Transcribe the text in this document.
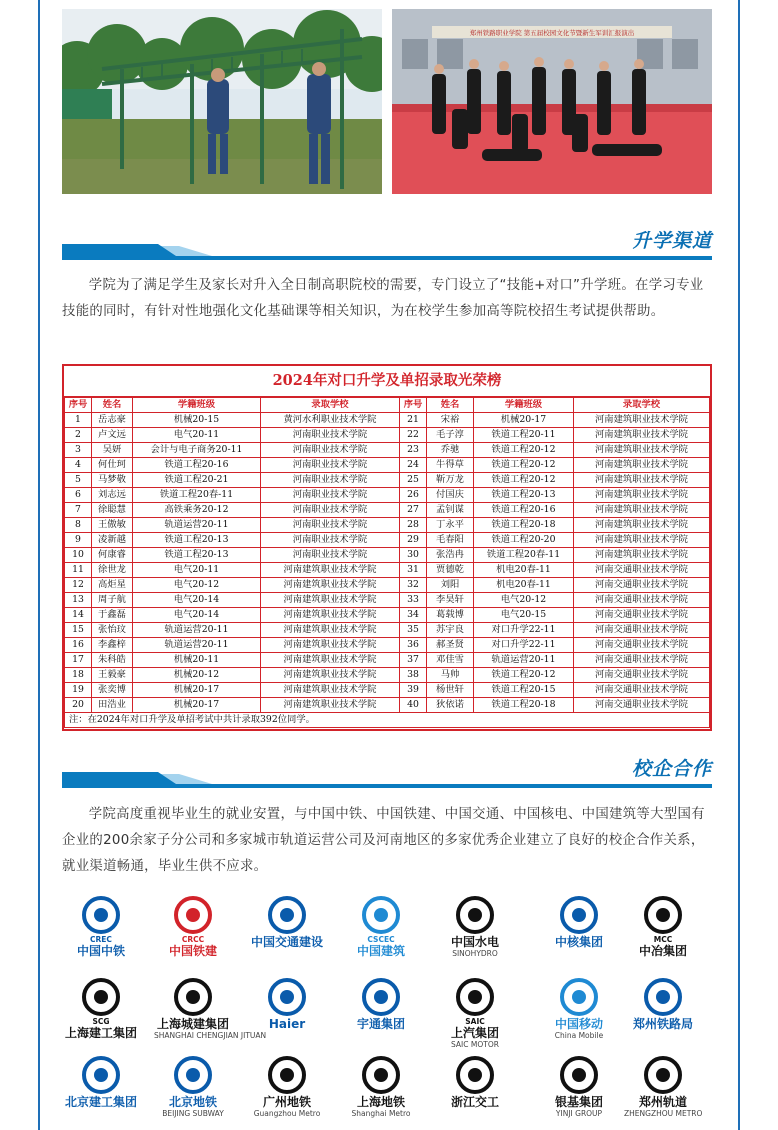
郑州铁路职业学院 第五届校园文化节暨新生军训汇报演出
升学渠道

学院为了满足学生及家长对升入全日制高职院校的需要，专门设立了“技能+对口”升学班。在学习专业技能的同时，有针对性地强化文化基础课等相关知识，为在校学生参加高等院校招生考试提供帮助。

2024年对口升学及单招录取光荣榜
序号	姓名	学籍班级	录取学校	序号	姓名	学籍班级	录取学校
1	岳志豪	机械20-15	黄河水利职业技术学院	21	宋裕	机械20-17	河南建筑职业技术学院
2	卢文远	电气20-11	河南职业技术学院	22	毛子淳	铁道工程20-11	河南建筑职业技术学院
3	吴妍	会计与电子商务20-11	河南职业技术学院	23	乔驰	铁道工程20-12	河南建筑职业技术学院
4	何仕珂	铁道工程20-16	河南职业技术学院	24	牛得草	铁道工程20-12	河南建筑职业技术学院
5	马梦敬	铁道工程20-21	河南职业技术学院	25	靳万龙	铁道工程20-12	河南建筑职业技术学院
6	刘志远	铁道工程20春-11	河南职业技术学院	26	付国庆	铁道工程20-13	河南建筑职业技术学院
7	徐聪慧	高铁乘务20-12	河南职业技术学院	27	孟钊谋	铁道工程20-16	河南建筑职业技术学院
8	王傲敏	轨道运营20-11	河南职业技术学院	28	丁永平	铁道工程20-18	河南建筑职业技术学院
9	凌新越	铁道工程20-13	河南职业技术学院	29	毛春阳	铁道工程20-20	河南建筑职业技术学院
10	何康睿	铁道工程20-13	河南职业技术学院	30	张浩冉	铁道工程20春-11	河南建筑职业技术学院
11	徐世龙	电气20-11	河南建筑职业技术学院	31	贾德乾	机电20春-11	河南交通职业技术学院
12	高炬星	电气20-12	河南建筑职业技术学院	32	刘阳	机电20春-11	河南交通职业技术学院
13	周子航	电气20-14	河南建筑职业技术学院	33	李昊轩	电气20-12	河南交通职业技术学院
14	于鑫磊	电气20-14	河南建筑职业技术学院	34	葛载博	电气20-15	河南交通职业技术学院
15	张怡玟	轨道运营20-11	河南建筑职业技术学院	35	苏宇良	对口升学22-11	河南交通职业技术学院
16	李鑫梓	轨道运营20-11	河南建筑职业技术学院	36	郝圣贤	对口升学22-11	河南交通职业技术学院
17	朱科皓	机械20-11	河南建筑职业技术学院	37	邓佳雪	轨道运营20-11	河南交通职业技术学院
18	王毅豪	机械20-12	河南建筑职业技术学院	38	马帅	铁道工程20-12	河南交通职业技术学院
19	张奕博	机械20-17	河南建筑职业技术学院	39	杨世轩	铁道工程20-15	河南交通职业技术学院
20	田浩业	机械20-17	河南建筑职业技术学院	40	狄依诺	铁道工程20-18	河南交通职业技术学院
注：在2024年对口升学及单招考试中共计录取392位同学。							
校企合作

学院高度重视毕业生的就业安置，与中国中铁、中国铁建、中国交通、中国核电、中国建筑等大型国有企业的200余家子分公司和多家城市轨道运营公司及河南地区的多家优秀企业建立了良好的校企合作关系，就业渠道畅通，毕业生供不应求。

CREC
中国中铁
CRCC
中国铁建
中国交通建设	CSCEC
中国建筑
中国水电
SINOHYDRO
中核集团	MCC
中冶集团
SCG
上海建工集团
上海城建集团
SHANGHAI CHENGJIAN JITUAN
Haier	宇通集团	SAIC
上汽集团
SAIC MOTOR
中国移动
China Mobile
郑州铁路局
北京建工集团	北京地铁
BEIJING SUBWAY
广州地铁
Guangzhou Metro
上海地铁
Shanghai Metro
浙江交工	银基集团
YINJI GROUP
郑州轨道
ZHENGZHOU METRO
